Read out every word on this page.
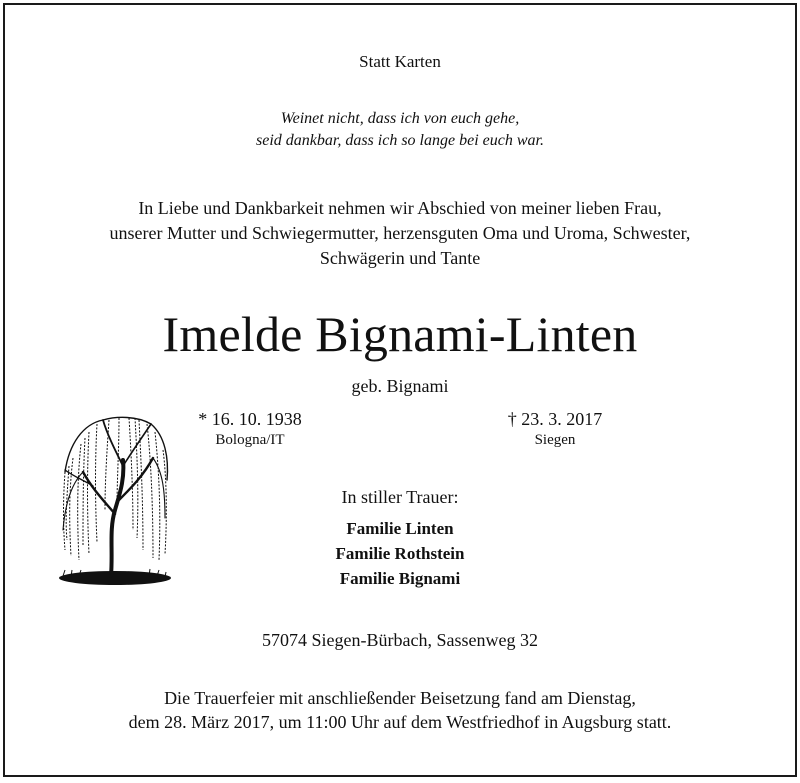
Statt Karten
Weinet nicht, dass ich von euch gehe,
seid dankbar, dass ich so lange bei euch war.
In Liebe und Dankbarkeit nehmen wir Abschied von meiner lieben Frau,
unserer Mutter und Schwiegermutter, herzensguten Oma und Uroma, Schwester,
Schwägerin und Tante
Imelde Bignami-Linten
geb. Bignami
* 16. 10. 1938
Bologna/IT
† 23. 3. 2017
Siegen
In stiller Trauer:
Familie Linten
Familie Rothstein
Familie Bignami
57074 Siegen-Bürbach, Sassenweg 32
Die Trauerfeier mit anschließender Beisetzung fand am Dienstag,
dem 28. März 2017, um 11:00 Uhr auf dem Westfriedhof in Augsburg statt.
